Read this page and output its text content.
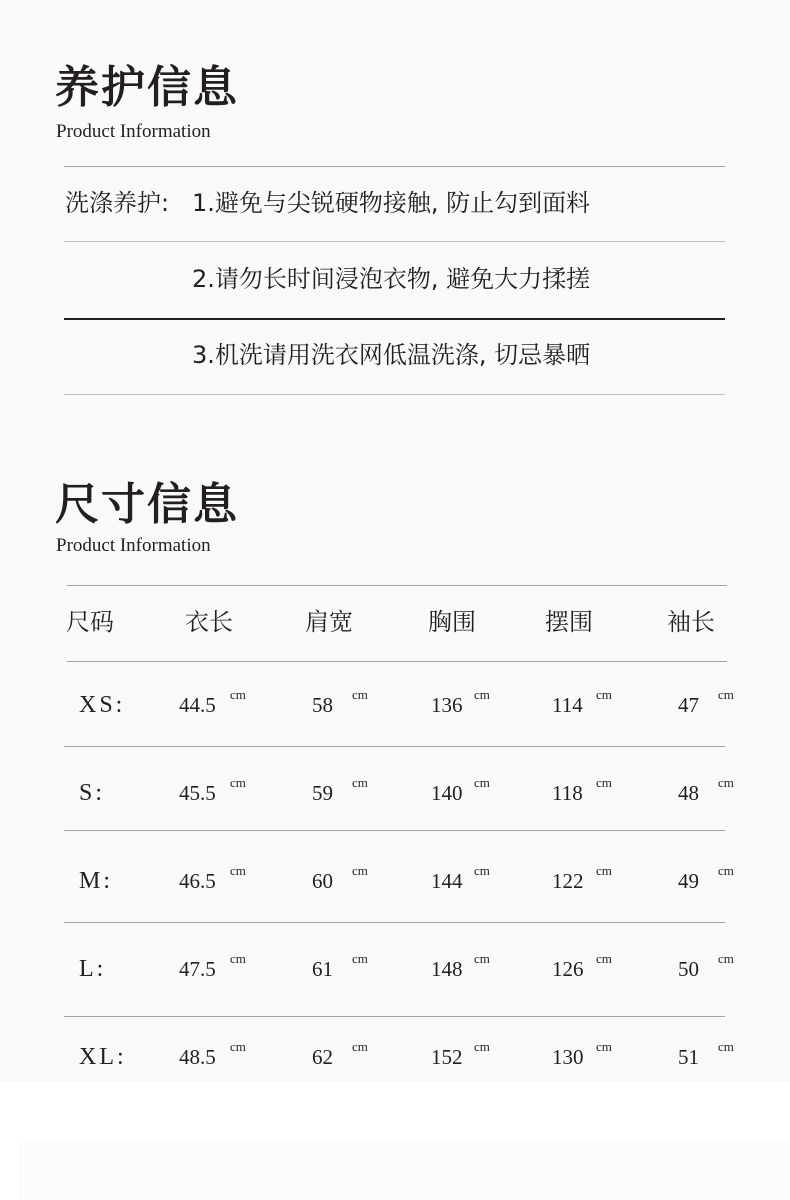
养护信息
Product Information
洗涤养护: 1.避免与尖锐硬物接触, 防止勾到面料
2.请勿长时间浸泡衣物, 避免大力揉搓
3.机洗请用洗衣网低温洗涤, 切忌暴晒
尺寸信息
Product Information
尺码	衣长	肩宽	胸围	摆围	袖长
XS:	44.5 cm	58 cm	136 cm	114 cm	47 cm
S:	45.5 cm	59 cm	140 cm	118 cm	48 cm
M:	46.5 cm	60 cm	144 cm	122 cm	49 cm
L:	47.5 cm	61 cm	148 cm	126 cm	50 cm
XL: 48.5 cm	62 cm	152 cm	130 cm	51 cm
